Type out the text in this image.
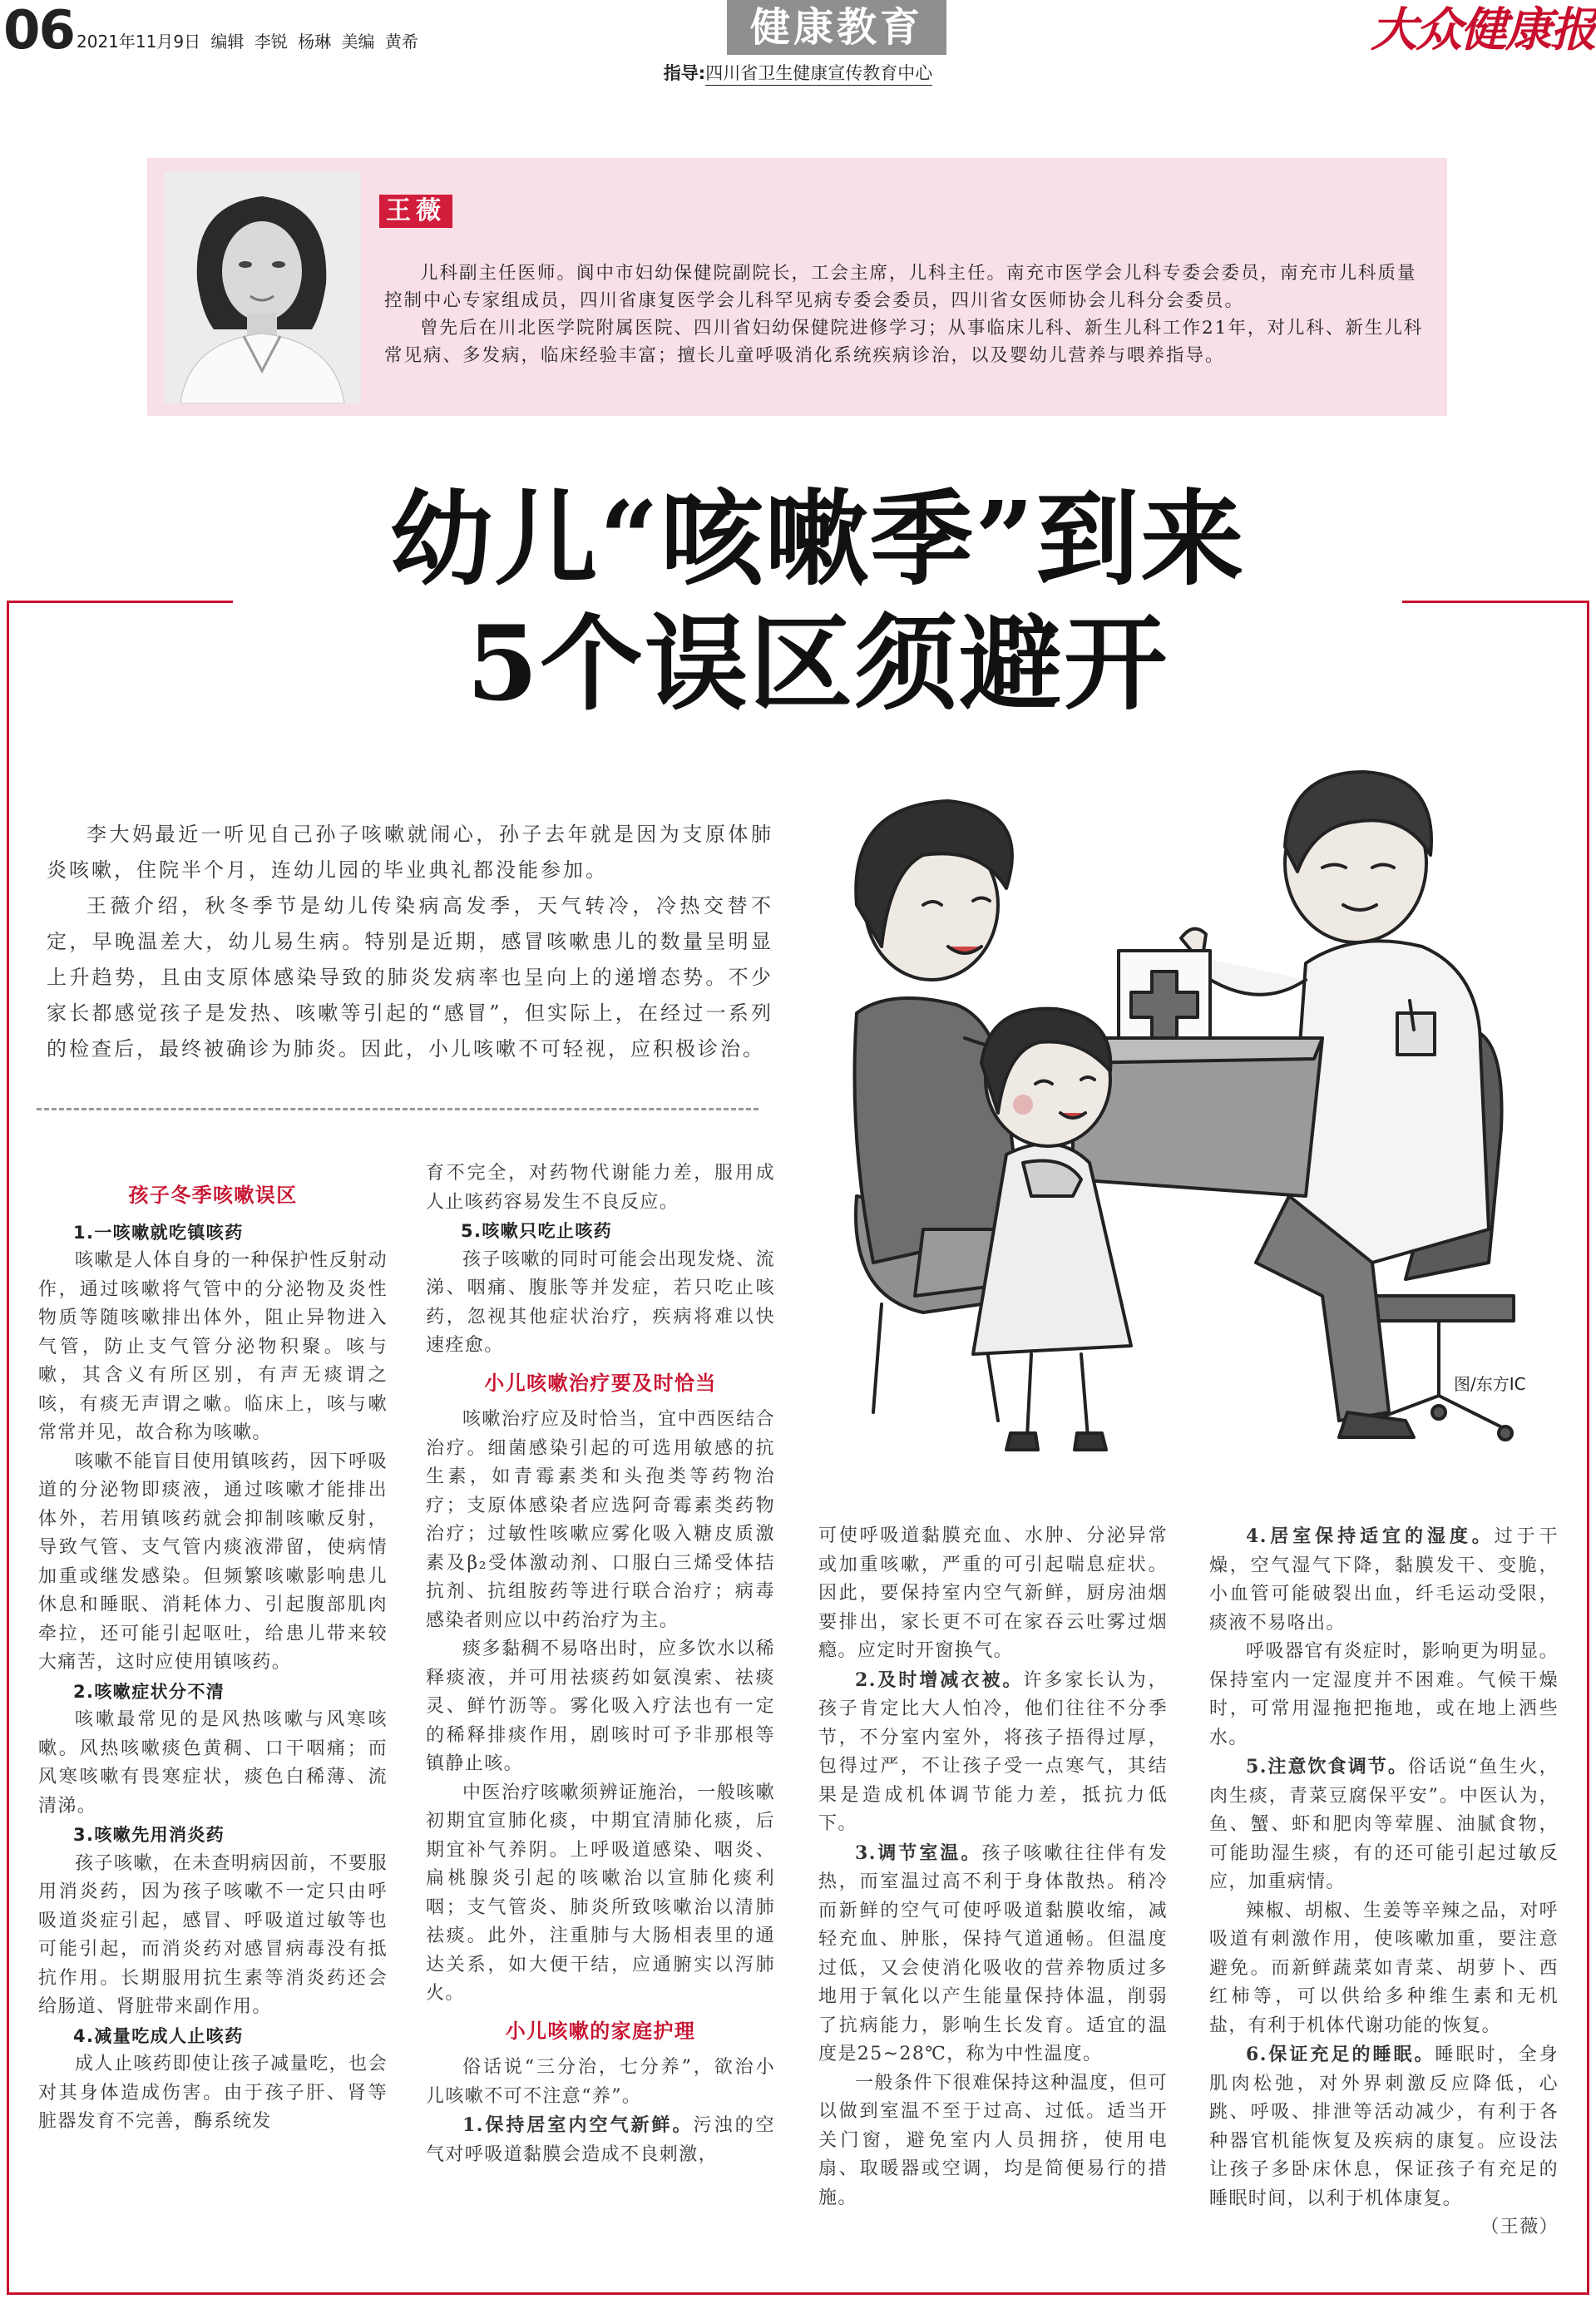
06 2021年11月9日 编辑 李锐 杨琳 美编 黄希	健康教育	大众健康报
指导:四川省卫生健康宣传教育中心
王薇

儿科副主任医师。阆中市妇幼保健院副院长，工会主席，儿科主任。南充市医学会儿科专委会委员，南充市儿科质量控制中心专家组成员，四川省康复医学会儿科罕见病专委会委员，四川省女医师协会儿科分会委员。

曾先后在川北医学院附属医院、四川省妇幼保健院进修学习；从事临床儿科、新生儿科工作21年，对儿科、新生儿科常见病、多发病，临床经验丰富；擅长儿童呼吸消化系统疾病诊治，以及婴幼儿营养与喂养指导。

幼儿“咳嗽季”到来
5个误区须避开

李大妈最近一听见自己孙子咳嗽就闹心，孙子去年就是因为支原体肺炎咳嗽，住院半个月，连幼儿园的毕业典礼都没能参加。

王薇介绍，秋冬季节是幼儿传染病高发季，天气转冷，冷热交替不定，早晚温差大，幼儿易生病。特别是近期，感冒咳嗽患儿的数量呈明显上升趋势，且由支原体感染导致的肺炎发病率也呈向上的递增态势。不少家长都感觉孩子是发热、咳嗽等引起的“感冒”，但实际上，在经过一系列的检查后，最终被确诊为肺炎。因此，小儿咳嗽不可轻视，应积极诊治。

图/东方IC
孩子冬季咳嗽误区
1.一咳嗽就吃镇咳药

咳嗽是人体自身的一种保护性反射动作，通过咳嗽将气管中的分泌物及炎性物质等随咳嗽排出体外，阻止异物进入气管，防止支气管分泌物积聚。咳与嗽，其含义有所区别，有声无痰谓之咳，有痰无声谓之嗽。临床上，咳与嗽常常并见，故合称为咳嗽。

咳嗽不能盲目使用镇咳药，因下呼吸道的分泌物即痰液，通过咳嗽才能排出体外，若用镇咳药就会抑制咳嗽反射，导致气管、支气管内痰液滞留，使病情加重或继发感染。但频繁咳嗽影响患儿休息和睡眠、消耗体力、引起腹部肌肉牵拉，还可能引起呕吐，给患儿带来较大痛苦，这时应使用镇咳药。

2.咳嗽症状分不清

咳嗽最常见的是风热咳嗽与风寒咳嗽。风热咳嗽痰色黄稠、口干咽痛；而风寒咳嗽有畏寒症状，痰色白稀薄、流清涕。

3.咳嗽先用消炎药

孩子咳嗽，在未查明病因前，不要服用消炎药，因为孩子咳嗽不一定只由呼吸道炎症引起，感冒、呼吸道过敏等也可能引起，而消炎药对感冒病毒没有抵抗作用。长期服用抗生素等消炎药还会给肠道、肾脏带来副作用。

4.减量吃成人止咳药

成人止咳药即使让孩子减量吃，也会对其身体造成伤害。由于孩子肝、肾等脏器发育不完善，酶系统发

育不完全，对药物代谢能力差，服用成人止咳药容易发生不良反应。

5.咳嗽只吃止咳药

孩子咳嗽的同时可能会出现发烧、流涕、咽痛、腹胀等并发症，若只吃止咳药，忽视其他症状治疗，疾病将难以快速痊愈。

小儿咳嗽治疗要及时恰当

咳嗽治疗应及时恰当，宜中西医结合治疗。细菌感染引起的可选用敏感的抗生素，如青霉素类和头孢类等药物治疗；支原体感染者应选阿奇霉素类药物治疗；过敏性咳嗽应雾化吸入糖皮质激素及β₂受体激动剂、口服白三烯受体拮抗剂、抗组胺药等进行联合治疗；病毒感染者则应以中药治疗为主。

痰多黏稠不易咯出时，应多饮水以稀释痰液，并可用祛痰药如氨溴索、祛痰灵、鲜竹沥等。雾化吸入疗法也有一定的稀释排痰作用，剧咳时可予非那根等镇静止咳。

中医治疗咳嗽须辨证施治，一般咳嗽初期宜宣肺化痰，中期宜清肺化痰，后期宜补气养阴。上呼吸道感染、咽炎、扁桃腺炎引起的咳嗽治以宣肺化痰利咽；支气管炎、肺炎所致咳嗽治以清肺祛痰。此外，注重肺与大肠相表里的通达关系，如大便干结，应通腑实以泻肺火。

小儿咳嗽的家庭护理

俗话说“三分治，七分养”，欲治小儿咳嗽不可不注意“养”。

1.保持居室内空气新鲜。污浊的空气对呼吸道黏膜会造成不良刺激，

可使呼吸道黏膜充血、水肿、分泌异常或加重咳嗽，严重的可引起喘息症状。因此，要保持室内空气新鲜，厨房油烟要排出，家长更不可在家吞云吐雾过烟瘾。应定时开窗换气。

2.及时增减衣被。许多家长认为，孩子肯定比大人怕冷，他们往往不分季节，不分室内室外，将孩子捂得过厚，包得过严，不让孩子受一点寒气，其结果是造成机体调节能力差，抵抗力低下。

3.调节室温。孩子咳嗽往往伴有发热，而室温过高不利于身体散热。稍冷而新鲜的空气可使呼吸道黏膜收缩，减轻充血、肿胀，保持气道通畅。但温度过低，又会使消化吸收的营养物质过多地用于氧化以产生能量保持体温，削弱了抗病能力，影响生长发育。适宜的温度是25~28℃，称为中性温度。

一般条件下很难保持这种温度，但可以做到室温不至于过高、过低。适当开关门窗，避免室内人员拥挤，使用电扇、取暖器或空调，均是简便易行的措施。

4.居室保持适宜的湿度。过于干燥，空气湿气下降，黏膜发干、变脆，小血管可能破裂出血，纤毛运动受限，痰液不易咯出。

呼吸器官有炎症时，影响更为明显。保持室内一定湿度并不困难。气候干燥时，可常用湿拖把拖地，或在地上洒些水。

5.注意饮食调节。俗话说“鱼生火，肉生痰，青菜豆腐保平安”。中医认为，鱼、蟹、虾和肥肉等荤腥、油腻食物，可能助湿生痰，有的还可能引起过敏反应，加重病情。

辣椒、胡椒、生姜等辛辣之品，对呼吸道有刺激作用，使咳嗽加重，要注意避免。而新鲜蔬菜如青菜、胡萝卜、西红柿等，可以供给多种维生素和无机盐，有利于机体代谢功能的恢复。

6.保证充足的睡眠。睡眠时，全身肌肉松弛，对外界刺激反应降低，心跳、呼吸、排泄等活动减少，有利于各种器官机能恢复及疾病的康复。应设法让孩子多卧床休息，保证孩子有充足的睡眠时间，以利于机体康复。

（王薇）
